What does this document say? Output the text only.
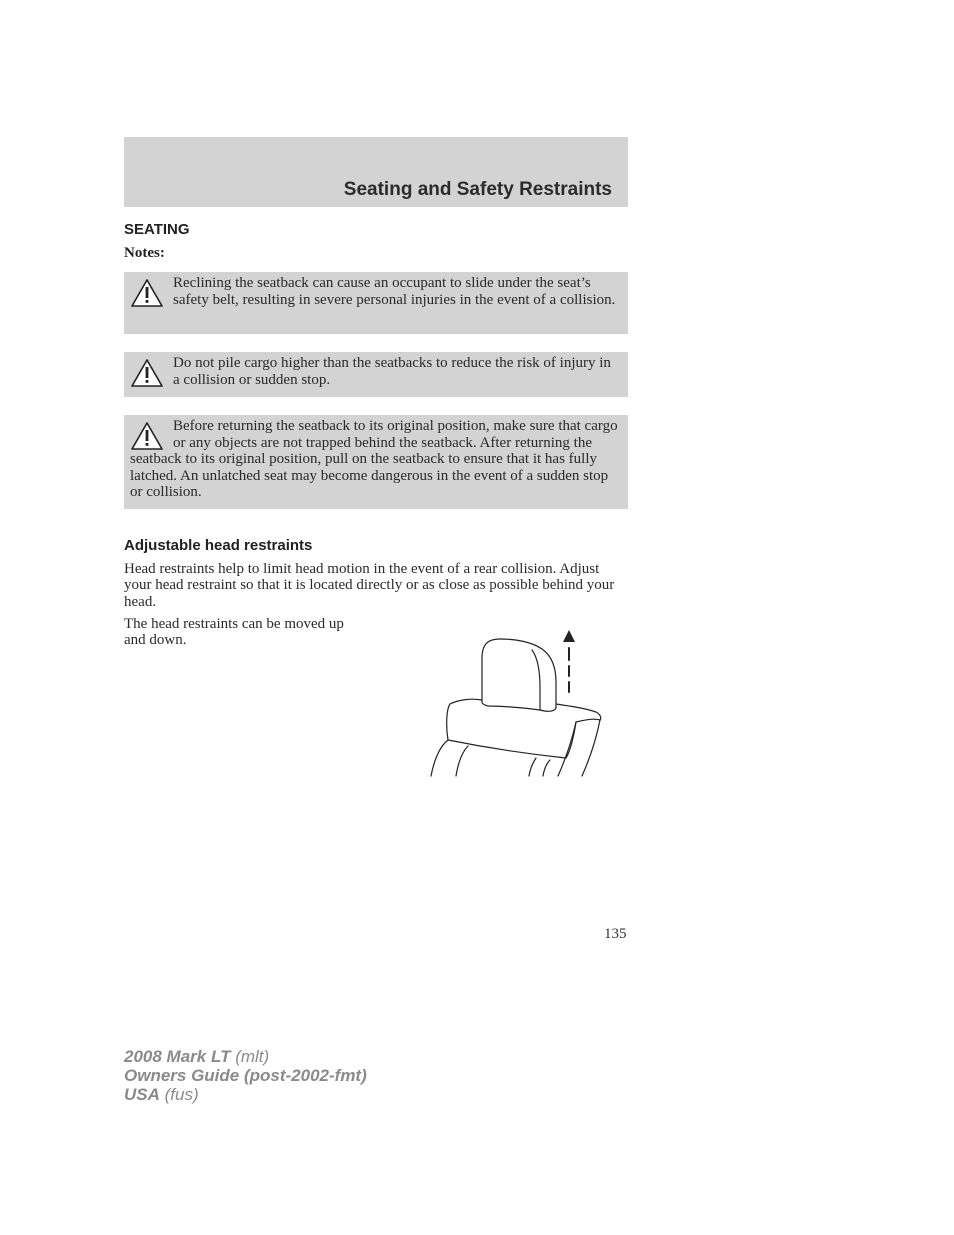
Seating and Safety Restraints
SEATING
Notes:
Reclining the seatback can cause an occupant to slide under the seat’s safety belt, resulting in severe personal injuries in the event of a collision.
Do not pile cargo higher than the seatbacks to reduce the risk of injury in a collision or sudden stop.
Before returning the seatback to its original position, make sure that cargo or any objects are not trapped behind the seatback. After returning the seatback to its original position, pull on the seatback to ensure that it has fully latched. An unlatched seat may become dangerous in the event of a sudden stop or collision.
Adjustable head restraints
Head restraints help to limit head motion in the event of a rear collision. Adjust your head restraint so that it is located directly or as close as possible behind your head.
The head restraints can be moved up and down.
135
2008 Mark LT (mlt)
Owners Guide (post-2002-fmt)
USA (fus)
